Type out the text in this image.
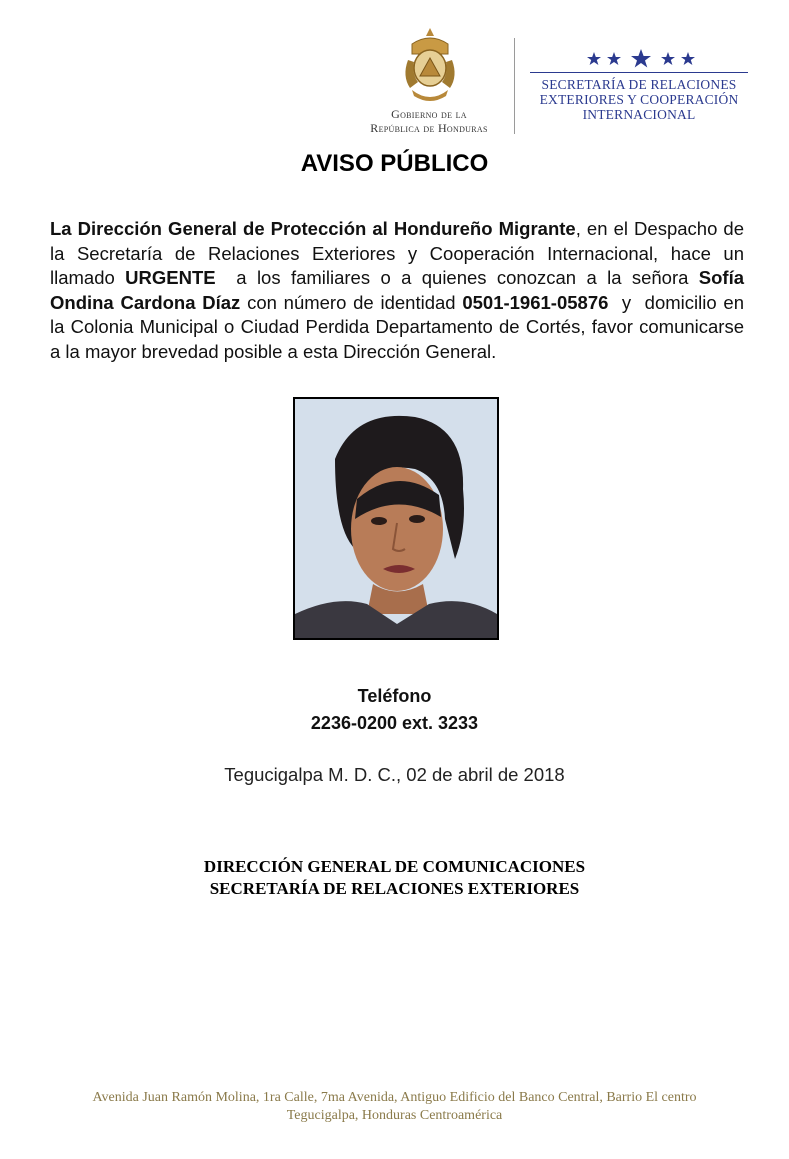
Gobierno de la
República de Honduras
SECRETARÍA DE RELACIONES
EXTERIORES Y COOPERACIÓN
INTERNACIONAL
AVISO PÚBLICO
La Dirección General de Protección al Hondureño Migrante, en el Despacho de la Secretaría de Relaciones Exteriores y Cooperación Internacional, hace un llamado URGENTE  a los familiares o a quienes conozcan a la señora Sofía Ondina Cardona Díaz con número de identidad 0501-1961-05876  y  domicilio en la Colonia Municipal o Ciudad Perdida Departamento de Cortés, favor comunicarse a la mayor brevedad posible a esta Dirección General.
Teléfono
2236-0200 ext. 3233
Tegucigalpa M. D. C., 02 de abril de 2018
DIRECCIÓN GENERAL DE COMUNICACIONES
SECRETARÍA DE RELACIONES EXTERIORES
Avenida Juan Ramón Molina, 1ra Calle, 7ma Avenida, Antiguo Edificio del Banco Central, Barrio El centro
Tegucigalpa, Honduras Centroamérica
